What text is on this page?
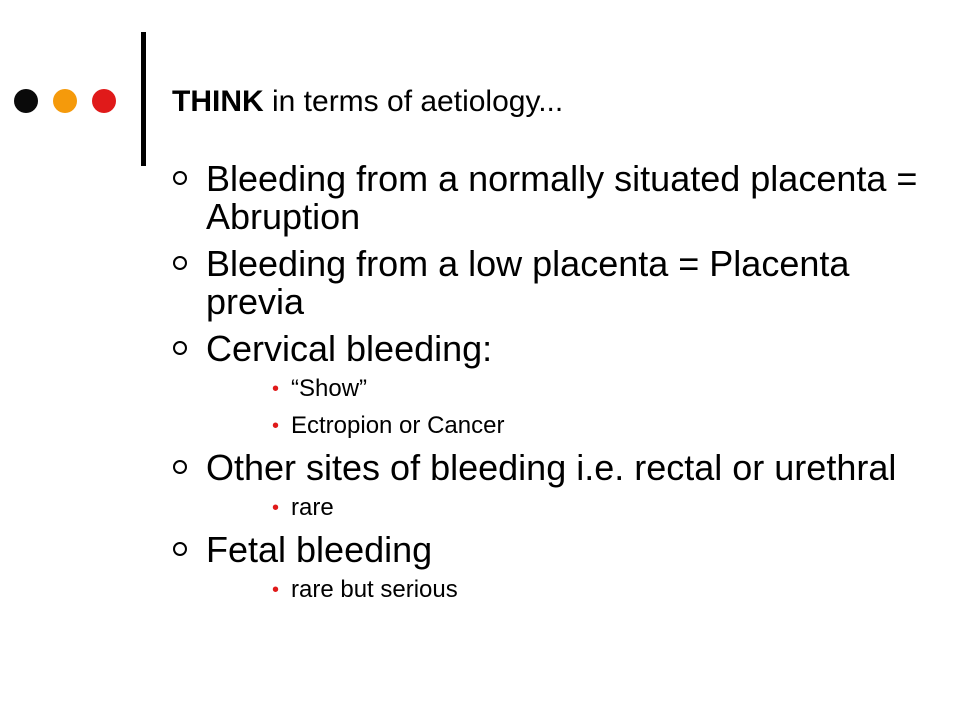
THINK in terms of aetiology...
Bleeding from a normally situated placenta = Abruption
Bleeding from a low placenta = Placenta previa
Cervical bleeding:
• “Show”
• Ectropion or Cancer
Other sites of bleeding i.e. rectal or urethral
• rare
Fetal bleeding
• rare but serious
